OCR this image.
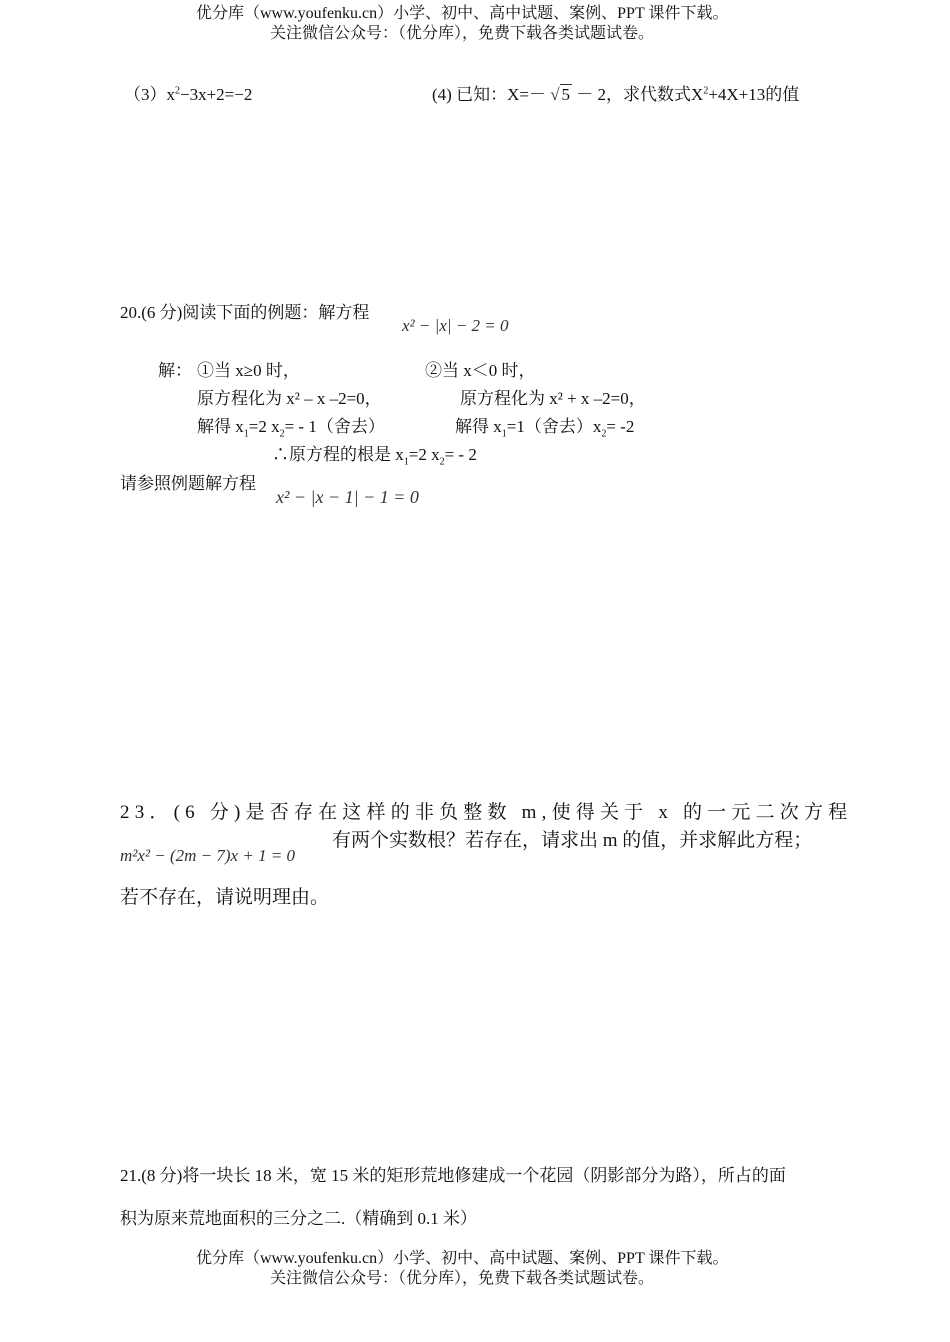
优分库（www.youfenku.cn）小学、初中、高中试题、案例、PPT 课件下载。
关注微信公众号：（优分库），免费下载各类试题试卷。
$(3)x^2-3x+2=-2$	(4) 已知：X=－ √ 5 － 2，求代数式$X^2+4X+13$的值
20.(6 分)阅读下面的例题：解方程
x² − |x| − 2 = 0
解： ①当 x≥0 时，	②当 x＜0 时，
原方程化为 x² – x –2=0，	原方程化为 x² + x –2=0，
解得 $x_1=2$ $x_2= - 1$（舍去）	解得 $x_1=1$（舍去）$x_2= -2$
∴原方程的根是 $x_1=2$ $x_2= - 2$
请参照例题解方程
x² − |x − 1| − 1 = 0
23．(6 分)是否存在这样的非负整数 m,使得关于 x 的一元二次方程
m²x² − (2m − 7)x + 1 = 0
有两个实数根？若存在，请求出 m 的值，并求解此方程；
若不存在，请说明理由。
21.(8 分)将一块长 18 米，宽 15 米的矩形荒地修建成一个花园（阴影部分为路），所占的面
积为原来荒地面积的三分之二.（精确到 0.1 米）
优分库（www.youfenku.cn）小学、初中、高中试题、案例、PPT 课件下载。
关注微信公众号：（优分库），免费下载各类试题试卷。
